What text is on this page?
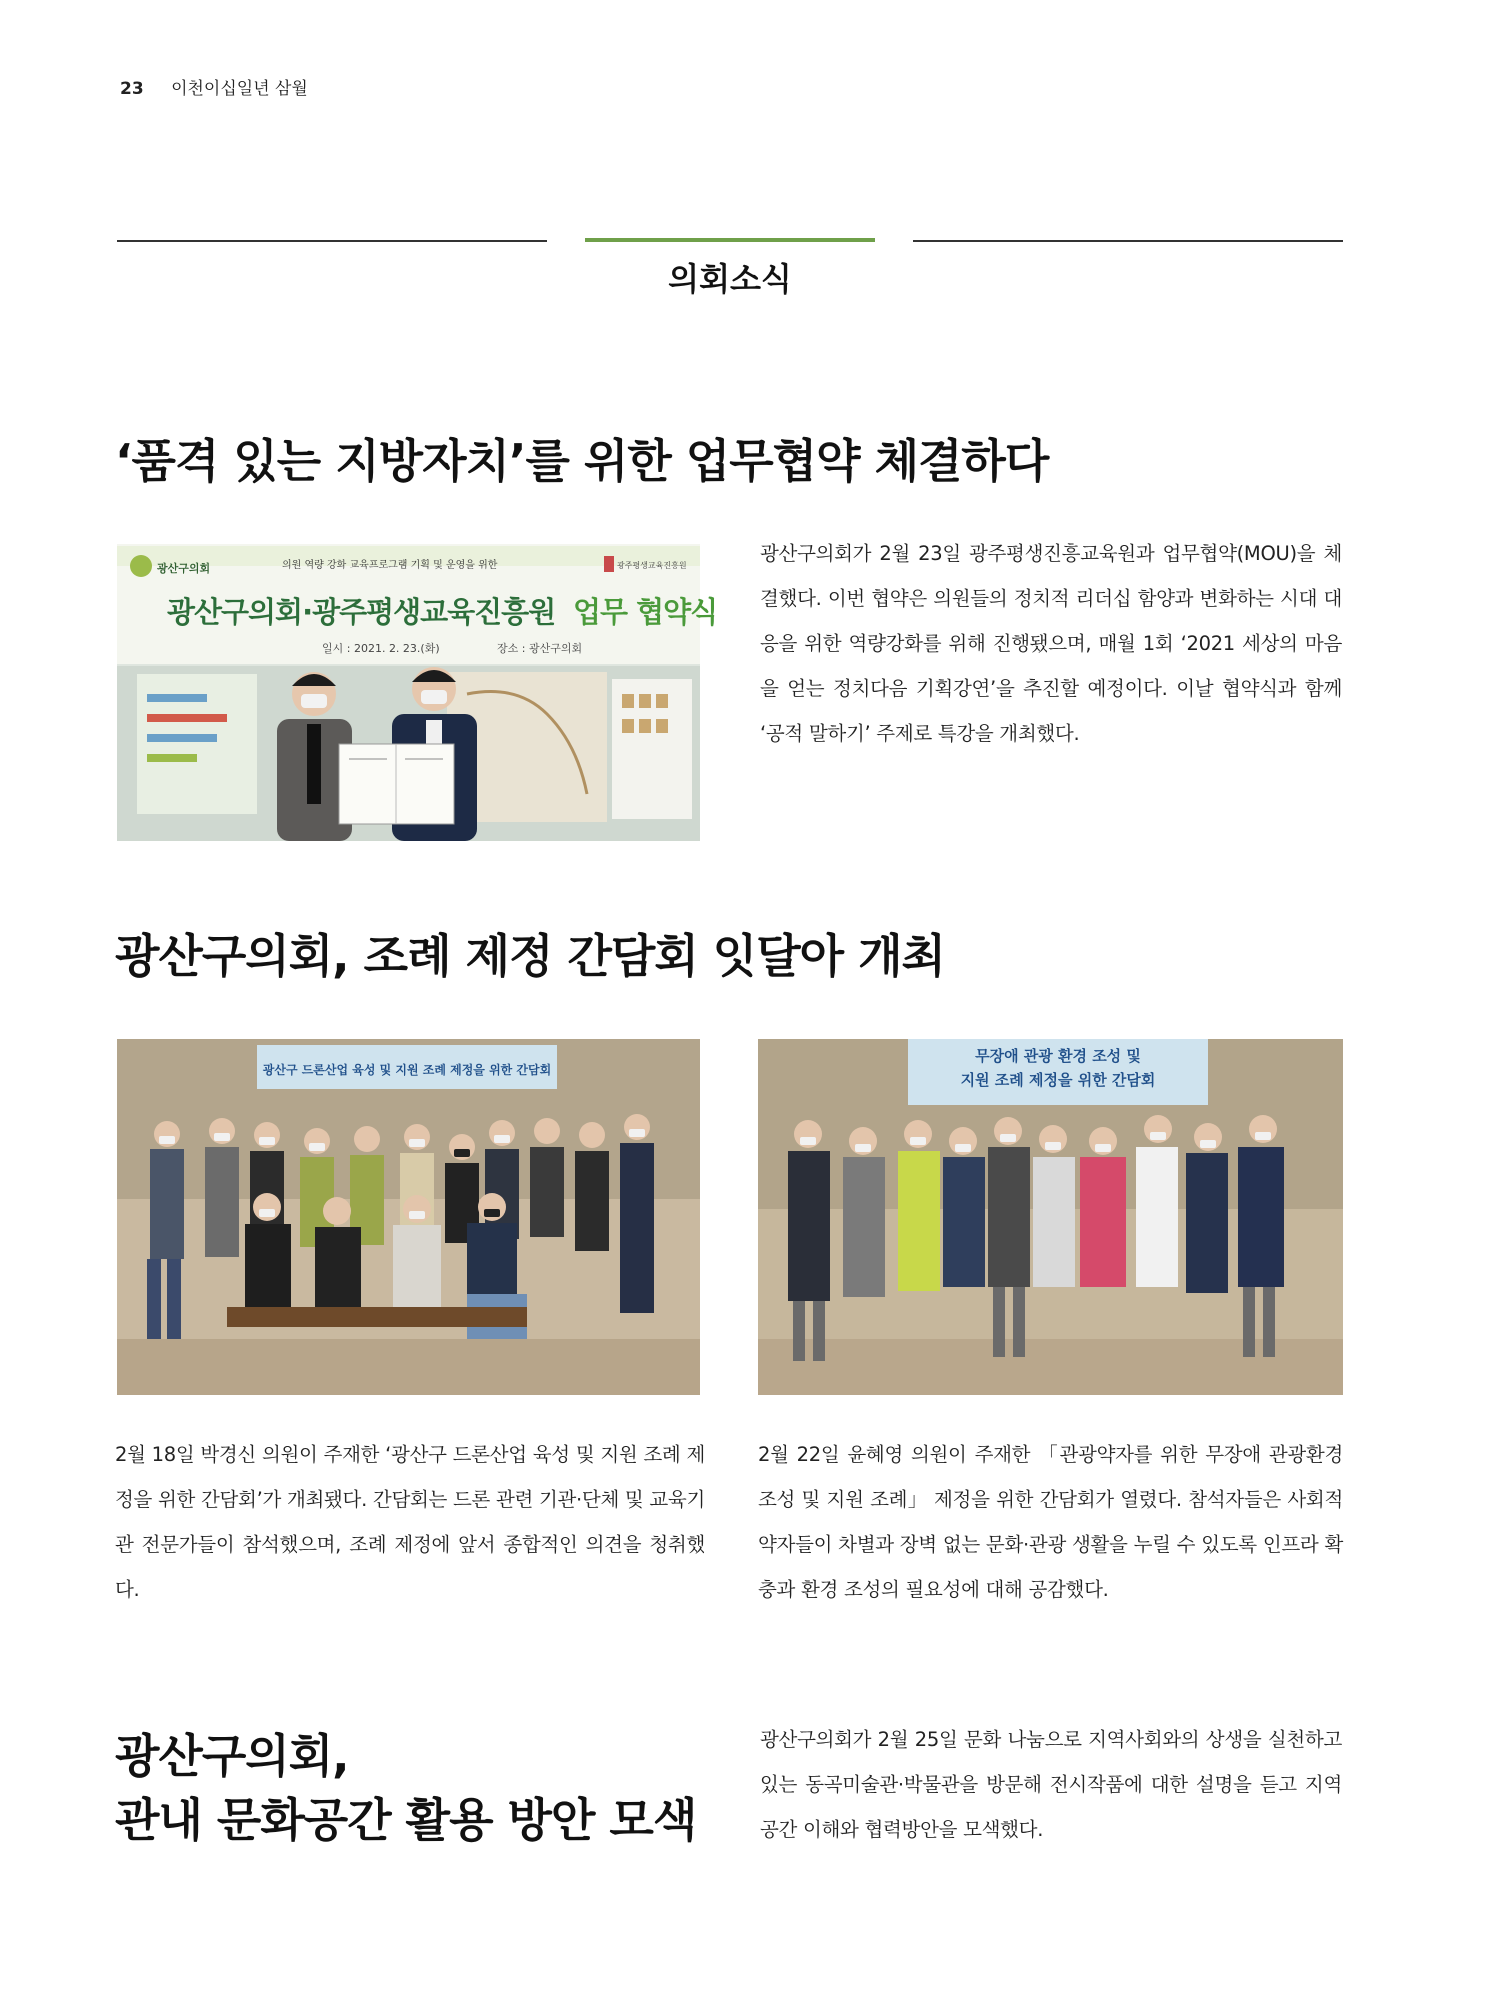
23 이천이십일년 삼월
의회소식
‘품격 있는 지방자치’를 위한 업무협약 체결하다
광산구의회	의원 역량 강화 교육프로그램 기획 및 운영을 위한	광주평생교육진흥원
광산구의회·광주평생교육진흥원 업무 협약식
일시 : 2021. 2. 23.(화)	장소 : 광산구의회
광산구의회가 2월 23일 광주평생진흥교육원과 업무협약(MOU)을 체결했다. 이번 협약은 의원들의 정치적 리더십 함양과 변화하는 시대 대응을 위한 역량강화를 위해 진행됐으며, 매월 1회 ‘2021 세상의 마음을 얻는 정치다음 기획강연’을 추진할 예정이다. 이날 협약식과 함께 ‘공적 말하기’ 주제로 특강을 개최했다.
광산구의회, 조례 제정 간담회 잇달아 개최
광산구 드론산업 육성 및 지원 조례 제정을 위한 간담회
무장애 관광 환경 조성 및
지원 조례 제정을 위한 간담회
2월 18일 박경신 의원이 주재한 ‘광산구 드론산업 육성 및 지원 조례 제정을 위한 간담회’가 개최됐다. 간담회는 드론 관련 기관·단체 및 교육기관 전문가들이 참석했으며, 조례 제정에 앞서 종합적인 의견을 청취했다.
2월 22일 윤혜영 의원이 주재한 「관광약자를 위한 무장애 관광환경 조성 및 지원 조례」 제정을 위한 간담회가 열렸다. 참석자들은 사회적 약자들이 차별과 장벽 없는 문화·관광 생활을 누릴 수 있도록 인프라 확충과 환경 조성의 필요성에 대해 공감했다.
광산구의회,
관내 문화공간 활용 방안 모색
광산구의회가 2월 25일 문화 나눔으로 지역사회와의 상생을 실천하고 있는 동곡미술관·박물관을 방문해 전시작품에 대한 설명을 듣고 지역 공간 이해와 협력방안을 모색했다.
